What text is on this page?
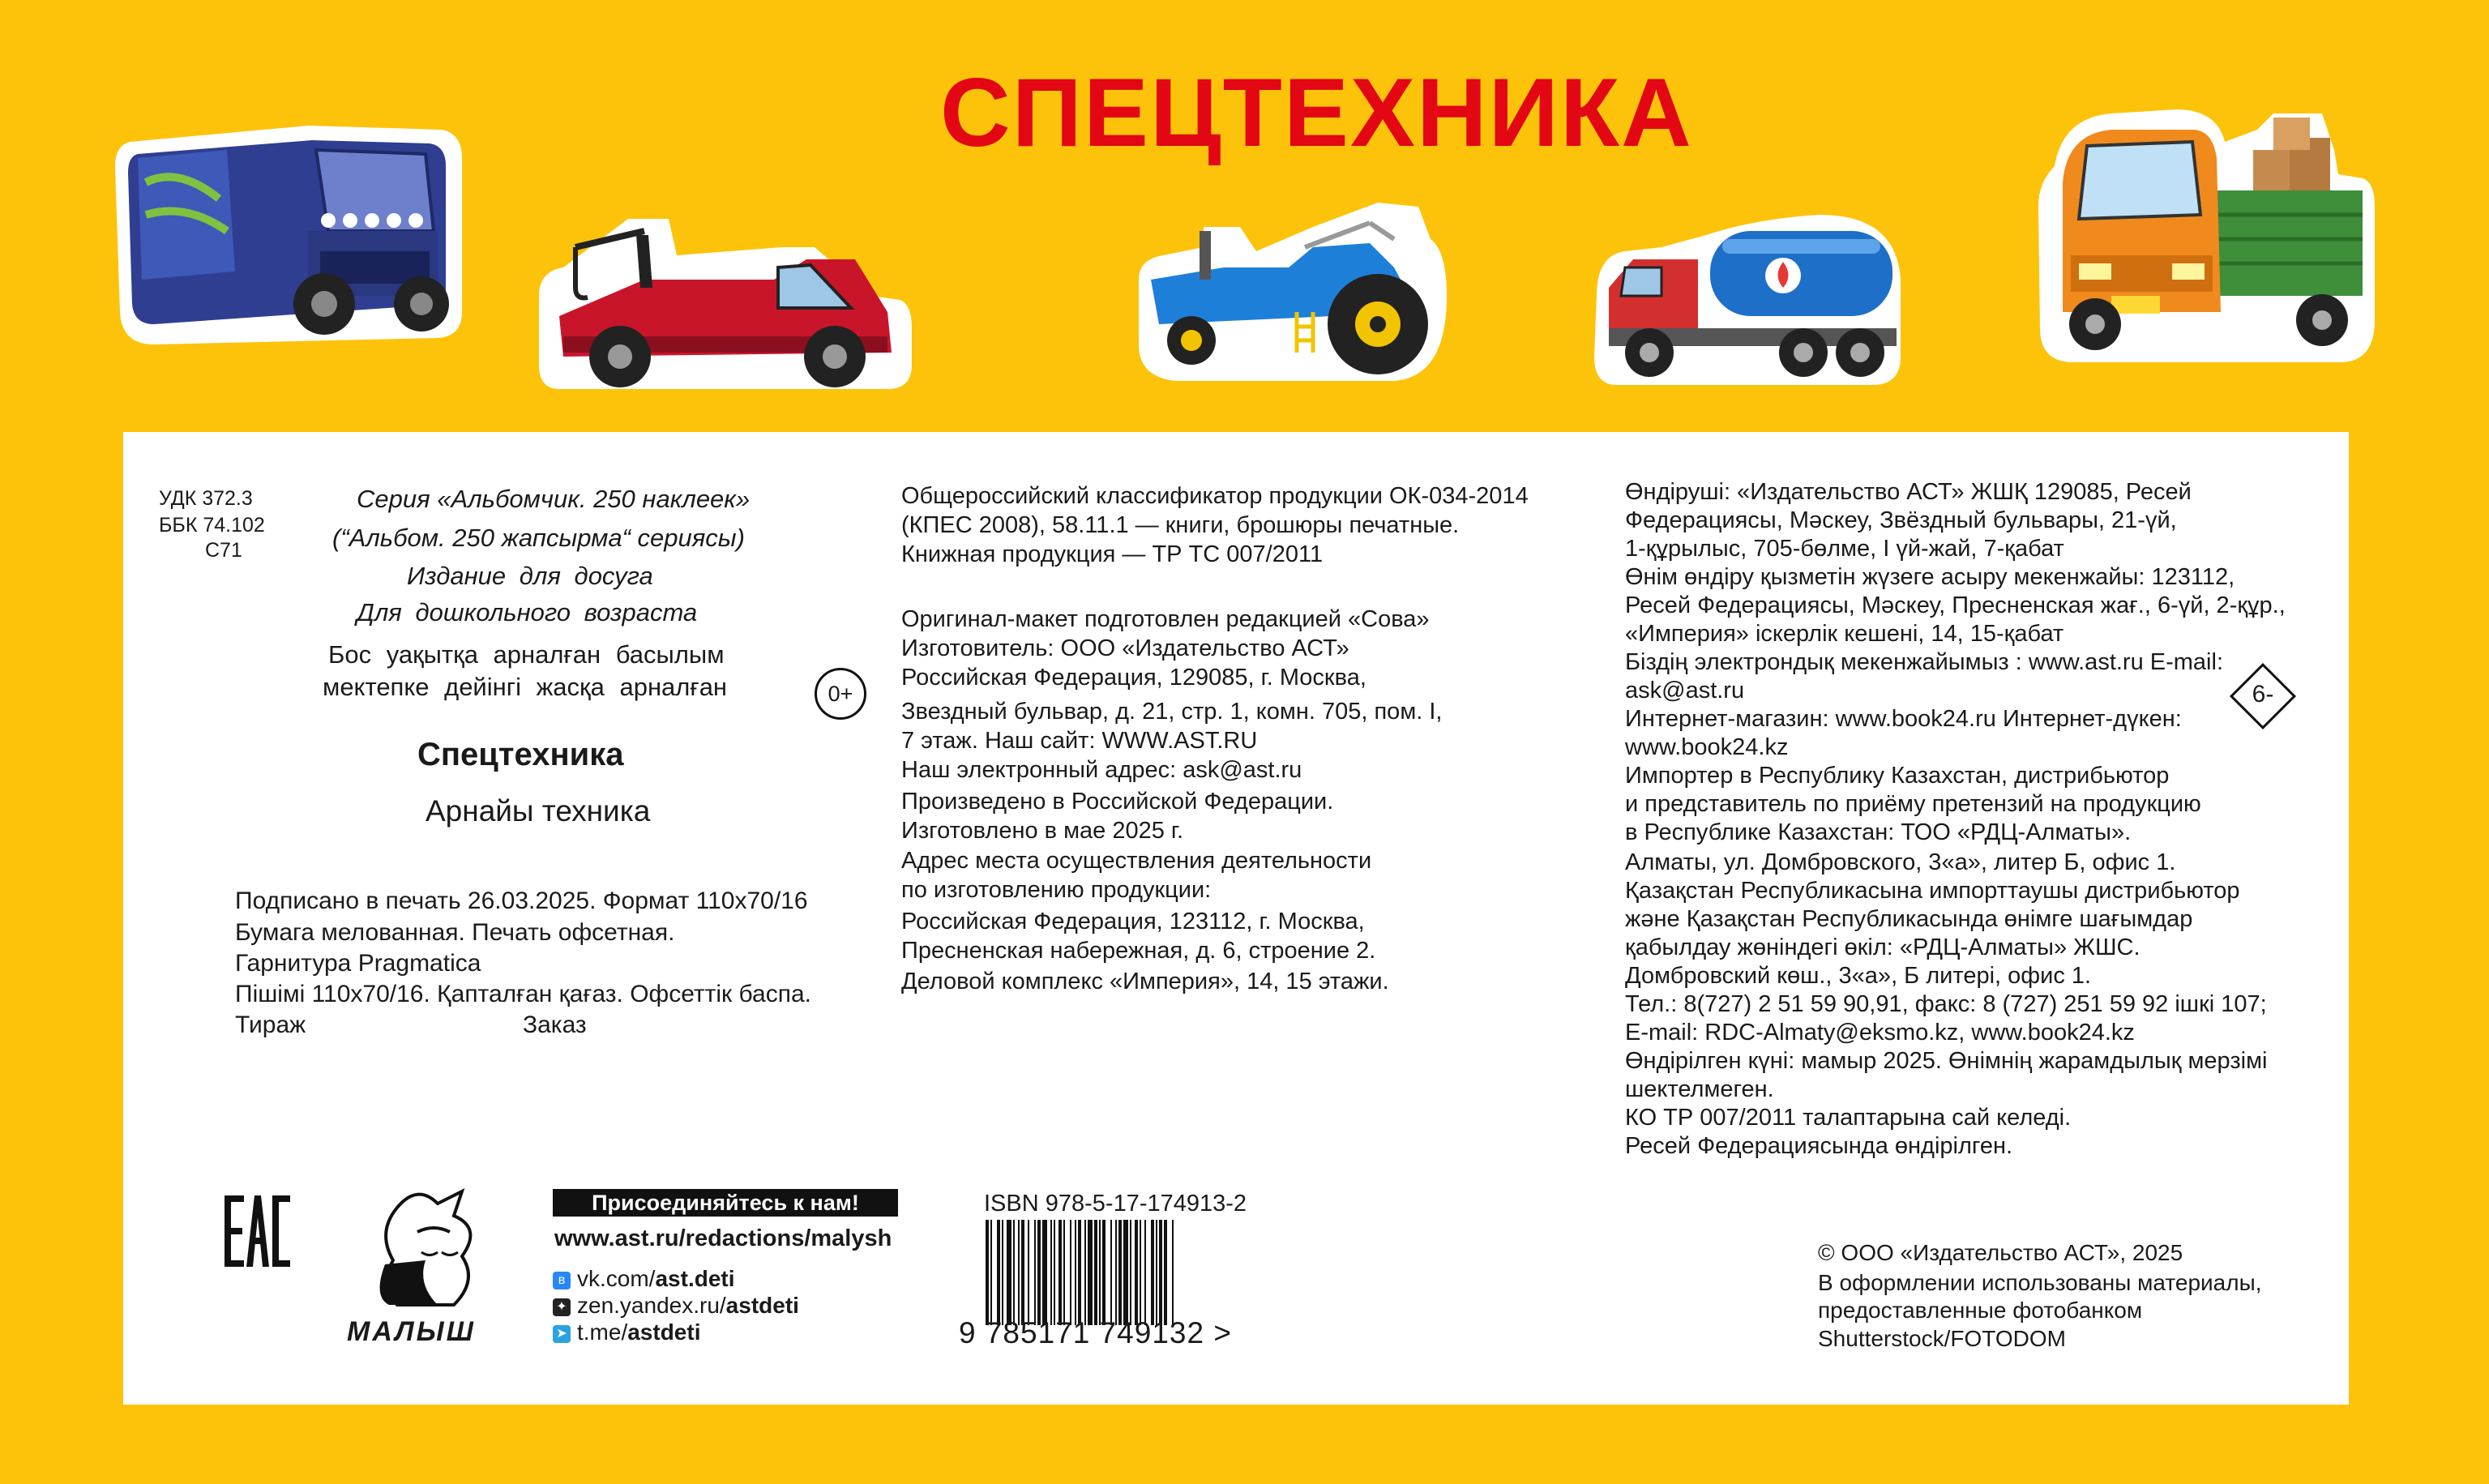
СПЕЦТЕХНИКА
УДК 372.3
ББК 74.102
С71
Серия «Альбомчик. 250 наклеек»
(“Альбом. 250 жапсырма“ сериясы)
Издание для досуга
Для дошкольного возраста
Бос уақытқа арналған басылым
мектепке дейінгі жасқа арналған	0+
Спецтехника
Арнайы техника
Подписано в печать 26.03.2025. Формат 110x70/16
Бумага мелованная. Печать офсетная.
Гарнитура Pragmatica
Пішімі 110x70/16. Қапталған қағаз. Офсеттік баспа.
Тираж	Заказ
Общероссийский классификатор продукции ОК-034-2014
(КПЕС 2008), 58.11.1 — книги, брошюры печатные.
Книжная продукция — ТР ТС 007/2011
Оригинал-макет подготовлен редакцией «Сова»
Изготовитель: ООО «Издательство АСТ»
Российская Федерация, 129085, г. Москва,
Звездный бульвар, д. 21, стр. 1, комн. 705, пом. I,
7 этаж. Наш сайт: WWW.AST.RU
Наш электронный адрес: ask@ast.ru
Произведено в Российской Федерации.
Изготовлено в мае 2025 г.
Адрес места осуществления деятельности
по изготовлению продукции:
Российская Федерация, 123112, г. Москва,
Пресненская набережная, д. 6, строение 2.
Деловой комплекс «Империя», 14, 15 этажи.
Өндіруші: «Издательство АСТ» ЖШҚ 129085, Ресей
Федерациясы, Мәскеу, Звёздный бульвары, 21-үй,
1-құрылыс, 705-бөлме, I үй-жай, 7-қабат
Өнім өндіру қызметін жүзеге асыру мекенжайы: 123112,
Ресей Федерациясы, Мәскеу, Пресненская жағ., 6-үй, 2-құр.,
«Империя» іскерлік кешені, 14, 15-қабат
Біздің электрондық мекенжайымыз : www.ast.ru E-mail:
ask@ast.ru
Интернет-магазин: www.book24.ru Интернет-дүкен:
www.book24.kz
Импортер в Республику Казахстан, дистрибьютор
и представитель по приёму претензий на продукцию
в Республике Казахстан: ТОО «РДЦ-Алматы».
Алматы, ул. Домбровского, 3«а», литер Б, офис 1.
Қазақстан Республикасына импорттаушы дистрибьютор
және Қазақстан Республикасында өнімге шағымдар
қабылдау жөніндегі өкіл: «РДЦ-Алматы» ЖШС.
Домбровский көш., 3«а», Б литері, офис 1.
Тел.: 8(727) 2 51 59 90,91, факс: 8 (727) 251 59 92 ішкі 107;
E-mail: RDC-Almaty@eksmo.kz, www.book24.kz
Өндірілген күні: мамыр 2025. Өнімнің жарамдылық мерзімі
шектелмеген.
КО ТР 007/2011 талаптарына сай келеді.
Ресей Федерациясында өндірілген.
6-
МАЛЫШ
Присоединяйтесь к нам!
www.ast.ru/redactions/malysh
в vk.com/ast.deti
✦ zen.yandex.ru/astdeti
➤ t.me/astdeti
ISBN 978-5-17-174913-2
9 785171 749132 >
© ООО «Издательство АСТ», 2025
В оформлении использованы материалы,
предоставленные фотобанком
Shutterstock/FOTODOM
